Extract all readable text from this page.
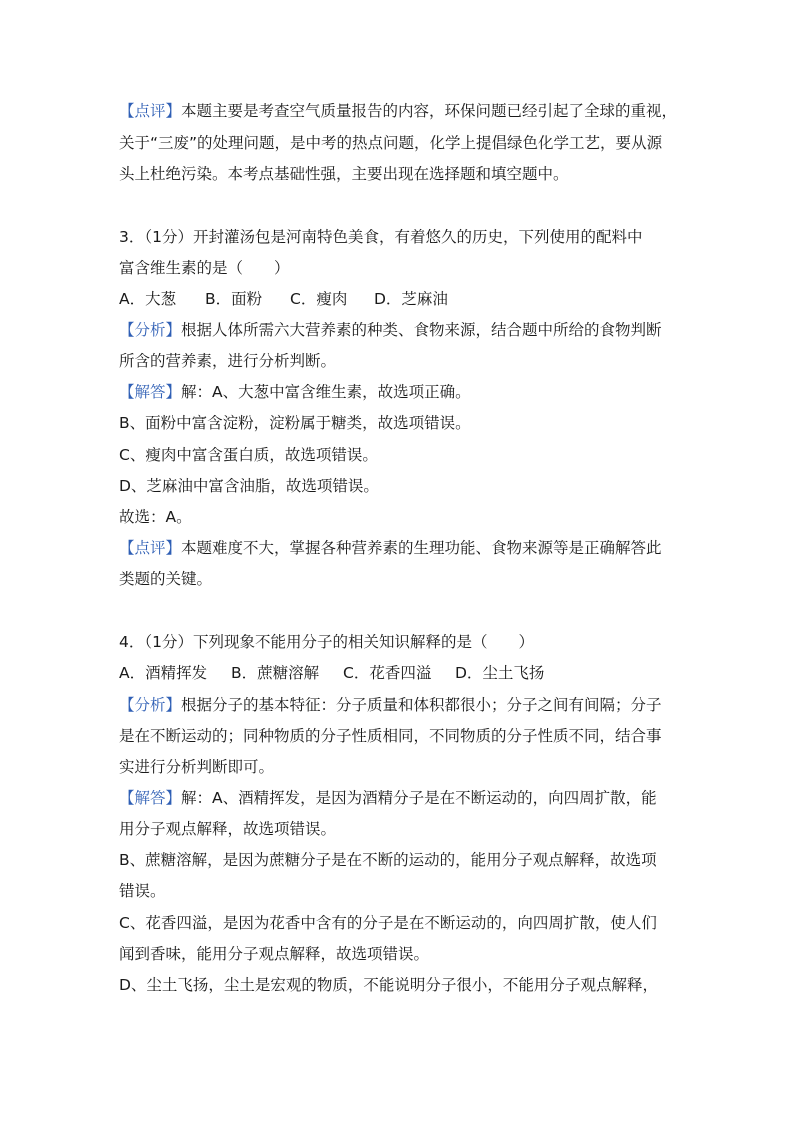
【点评】本题主要是考查空气质量报告的内容，环保问题已经引起了全球的重视，
关于“三废”的处理问题，是中考的热点问题，化学上提倡绿色化学工艺，要从源
头上杜绝污染。本考点基础性强，主要出现在选择题和填空题中。
3．（1分）开封灌汤包是河南特色美食，有着悠久的历史，下列使用的配料中
富含维生素的是（　　）
A．大葱 B．面粉 C．瘦肉 D．芝麻油
【分析】根据人体所需六大营养素的种类、食物来源，结合题中所给的食物判断
所含的营养素，进行分析判断。
【解答】解：A、大葱中富含维生素，故选项正确。
B、面粉中富含淀粉，淀粉属于糖类，故选项错误。
C、瘦肉中富含蛋白质，故选项错误。
D、芝麻油中富含油脂，故选项错误。
故选：A。
【点评】本题难度不大，掌握各种营养素的生理功能、食物来源等是正确解答此
类题的关键。
4．（1分）下列现象不能用分子的相关知识解释的是（　　）
A．酒精挥发 B．蔗糖溶解 C．花香四溢 D．尘土飞扬
【分析】根据分子的基本特征：分子质量和体积都很小；分子之间有间隔；分子
是在不断运动的；同种物质的分子性质相同，不同物质的分子性质不同，结合事
实进行分析判断即可。
【解答】解：A、酒精挥发，是因为酒精分子是在不断运动的，向四周扩散，能
用分子观点解释，故选项错误。
B、蔗糖溶解，是因为蔗糖分子是在不断的运动的，能用分子观点解释，故选项
错误。
C、花香四溢，是因为花香中含有的分子是在不断运动的，向四周扩散，使人们
闻到香味，能用分子观点解释，故选项错误。
D、尘土飞扬，尘土是宏观的物质，不能说明分子很小，不能用分子观点解释，
